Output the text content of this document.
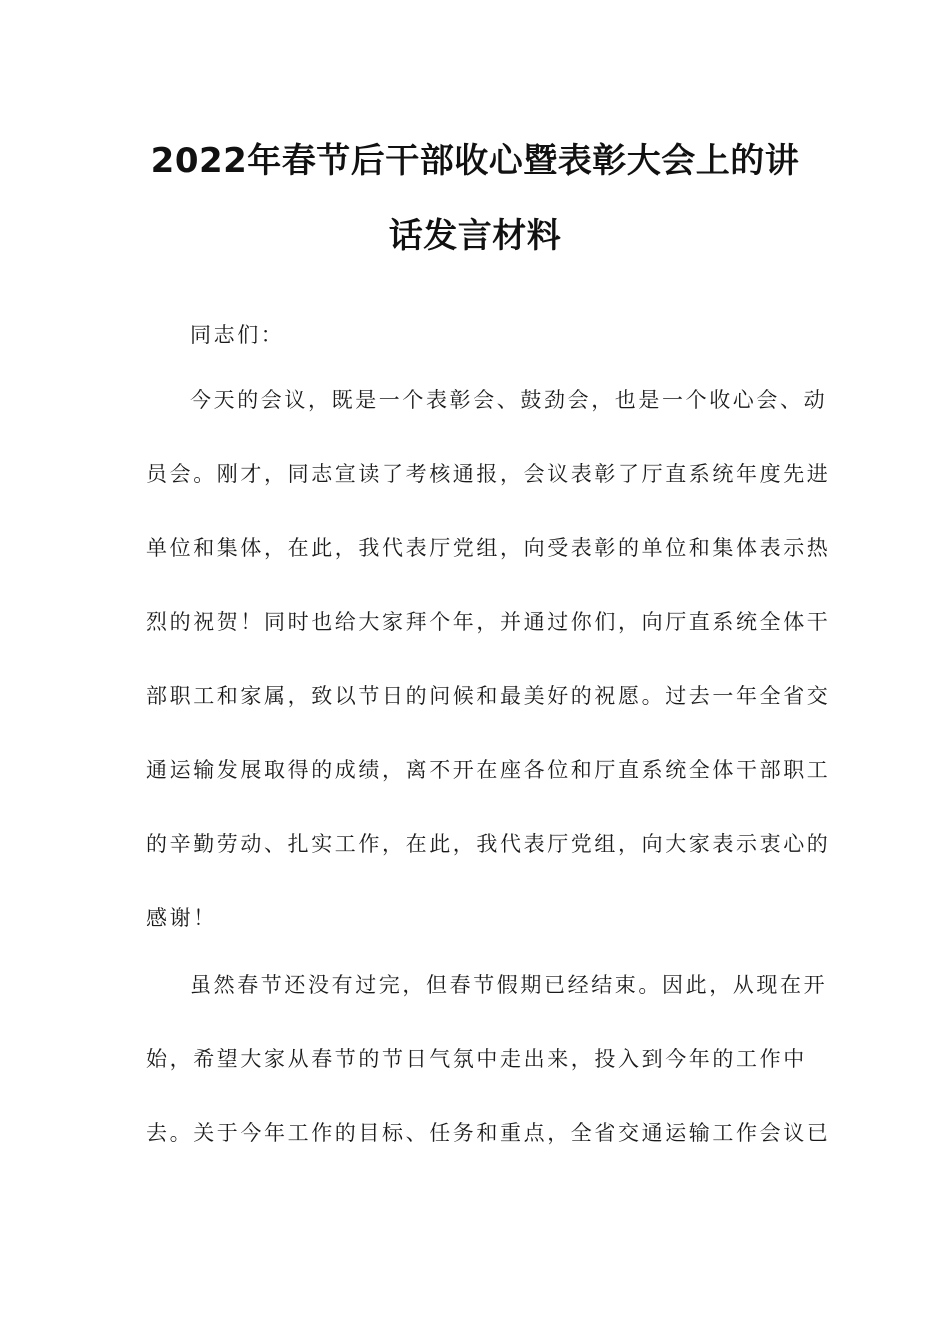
2022年春节后干部收心暨表彰大会上的讲
话发言材料
同志们：
今天的会议，既是一个表彰会、鼓劲会，也是一个收心会、动
员会。刚才，同志宣读了考核通报，会议表彰了厅直系统年度先进
单位和集体，在此，我代表厅党组，向受表彰的单位和集体表示热
烈的祝贺！同时也给大家拜个年，并通过你们，向厅直系统全体干
部职工和家属，致以节日的问候和最美好的祝愿。过去一年全省交
通运输发展取得的成绩，离不开在座各位和厅直系统全体干部职工
的辛勤劳动、扎实工作，在此，我代表厅党组，向大家表示衷心的
感谢！
虽然春节还没有过完，但春节假期已经结束。因此，从现在开
始，希望大家从春节的节日气氛中走出来，投入到今年的工作中
去。关于今年工作的目标、任务和重点，全省交通运输工作会议已
